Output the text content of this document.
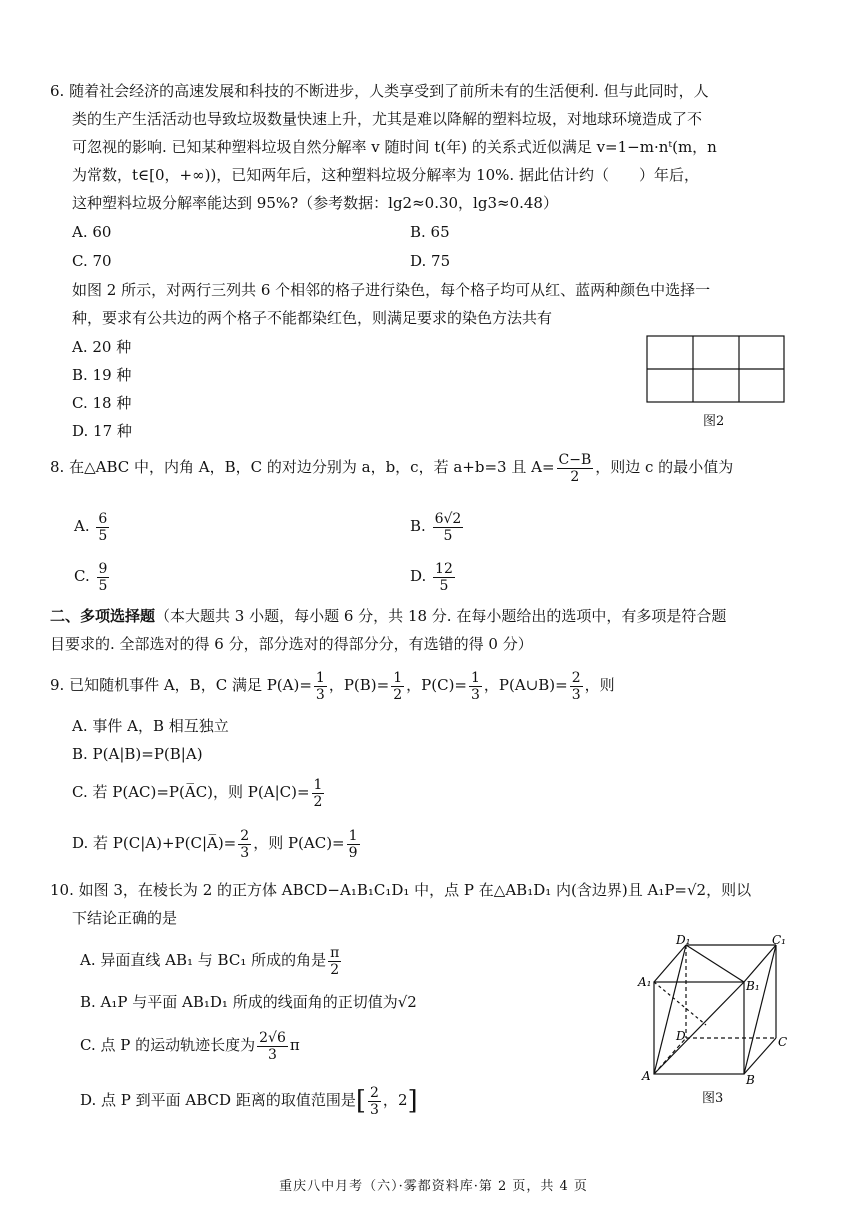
6. 随着社会经济的高速发展和科技的不断进步，人类享受到了前所未有的生活便利. 但与此同时，人
类的生产生活活动也导致垃圾数量快速上升，尤其是难以降解的塑料垃圾，对地球环境造成了不
可忽视的影响. 已知某种塑料垃圾自然分解率 v 随时间 t(年) 的关系式近似满足 v=1−m·nᵗ(m，n
为常数，t∈[0，+∞))，已知两年后，这种塑料垃圾分解率为 10%. 据此估计约（　　）年后，
这种塑料垃圾分解率能达到 95%?（参考数据：lg2≈0.30，lg3≈0.48）
A. 60	B. 65
C. 70	D. 75
如图 2 所示，对两行三列共 6 个相邻的格子进行染色，每个格子均可从红、蓝两种颜色中选择一
种，要求有公共边的两个格子不能都染红色，则满足要求的染色方法共有
A. 20 种
B. 19 种
C. 18 种
D. 17 种
图2
8. 在△ABC 中，内角 A，B，C 的对边分别为 a，b，c，若 a+b=3 且 $A= \frac{C-B}{2}$ ，则边 c 的最小值为
A. $\frac{6}{5}$	B. $\frac{6√2}{5}$
C. $\frac{9}{5}$	D. $\frac{12}{5}$
二、多项选择题（本大题共 3 小题，每小题 6 分，共 18 分. 在每小题给出的选项中，有多项是符合题
目要求的. 全部选对的得 6 分，部分选对的得部分分，有选错的得 0 分）
9. 已知随机事件 A，B，C 满足 $P(A)= \frac{1}{3}$ ，$P(B)= \frac{1}{2}$ ，$P(C)= \frac{1}{3}$ ，P(A∪B)= $\frac{2}{3}$ ，则
A. 事件 A，B 相互独立
B. P(A|B)=P(B|A)
C. 若 P(AC)=P(A̅C)，则 $P(A|C)= \frac{1}{2}$
D. 若 P(C|A)+P(C|A̅)= $\frac{2}{3}$ ，则 $P(AC)= \frac{1}{9}$
10. 如图 3，在棱长为 2 的正方体 ABCD−A₁B₁C₁D₁ 中，点 P 在△AB₁D₁ 内(含边界)且 A₁P=√2，则以
下结论正确的是
A. 异面直线 AB₁ 与 BC₁ 所成的角是 $\frac{\pi}{2}$
B. A₁P 与平面 AB₁D₁ 所成的线面角的正切值为√2
C. 点 P 的运动轨迹长度为 $\frac{2√6}{3}$ π
D. 点 P 到平面 ABCD 距离的取值范围是[ $\frac{2}{3}$ ，2]
D₁	C₁
A₁	B₁
D	C
A	B
图3
重庆八中月考（六）·雾都资料库·第 2 页，共 4 页
